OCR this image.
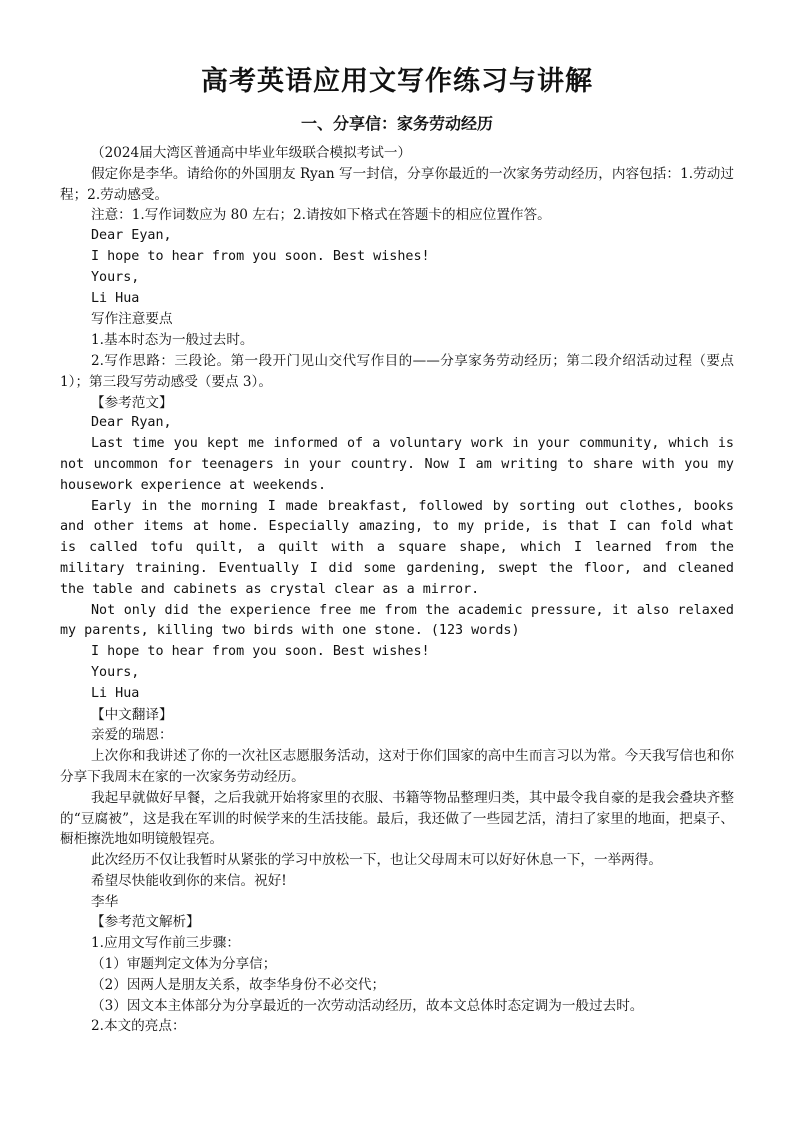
高考英语应用文写作练习与讲解
一、分享信：家务劳动经历

（2024届大湾区普通高中毕业年级联合模拟考试一）

假定你是李华。请给你的外国朋友 Ryan 写一封信，分享你最近的一次家务劳动经历，内容包括：1.劳动过程；2.劳动感受。

注意：1.写作词数应为 80 左右；2.请按如下格式在答题卡的相应位置作答。

Dear Eyan,

I hope to hear from you soon. Best wishes!

Yours,

Li Hua

写作注意要点

1.基本时态为一般过去时。

2.写作思路：三段论。第一段开门见山交代写作目的——分享家务劳动经历；第二段介绍活动过程（要点 1）；第三段写劳动感受（要点 3）。

【参考范文】

Dear Ryan,

Last time you kept me informed of a voluntary work in your community, which is not uncommon for teenagers in your country. Now I am writing to share with you my housework experience at weekends.

Early in the morning I made breakfast, followed by sorting out clothes, books and other items at home. Especially amazing, to my pride, is that I can fold what is called tofu quilt, a quilt with a square shape, which I learned from the military training. Eventually I did some gardening, swept the floor, and cleaned the table and cabinets as crystal clear as a mirror.

Not only did the experience free me from the academic pressure, it also relaxed my parents, killing two birds with one stone. (123 words)

I hope to hear from you soon. Best wishes!

Yours,

Li Hua

【中文翻译】

亲爱的瑞恩：

上次你和我讲述了你的一次社区志愿服务活动，这对于你们国家的高中生而言习以为常。今天我写信也和你分享下我周末在家的一次家务劳动经历。

我起早就做好早餐，之后我就开始将家里的衣服、书籍等物品整理归类，其中最令我自豪的是我会叠块齐整的“豆腐被”，这是我在军训的时候学来的生活技能。最后，我还做了一些园艺活，清扫了家里的地面，把桌子、橱柜擦洗地如明镜般锃亮。

此次经历不仅让我暂时从紧张的学习中放松一下，也让父母周末可以好好休息一下，一举两得。

希望尽快能收到你的来信。祝好!

李华

【参考范文解析】

1.应用文写作前三步骤：

（1）审题判定文体为分享信；

（2）因两人是朋友关系，故李华身份不必交代；

（3）因文本主体部分为分享最近的一次劳动活动经历，故本文总体时态定调为一般过去时。

2.本文的亮点：
